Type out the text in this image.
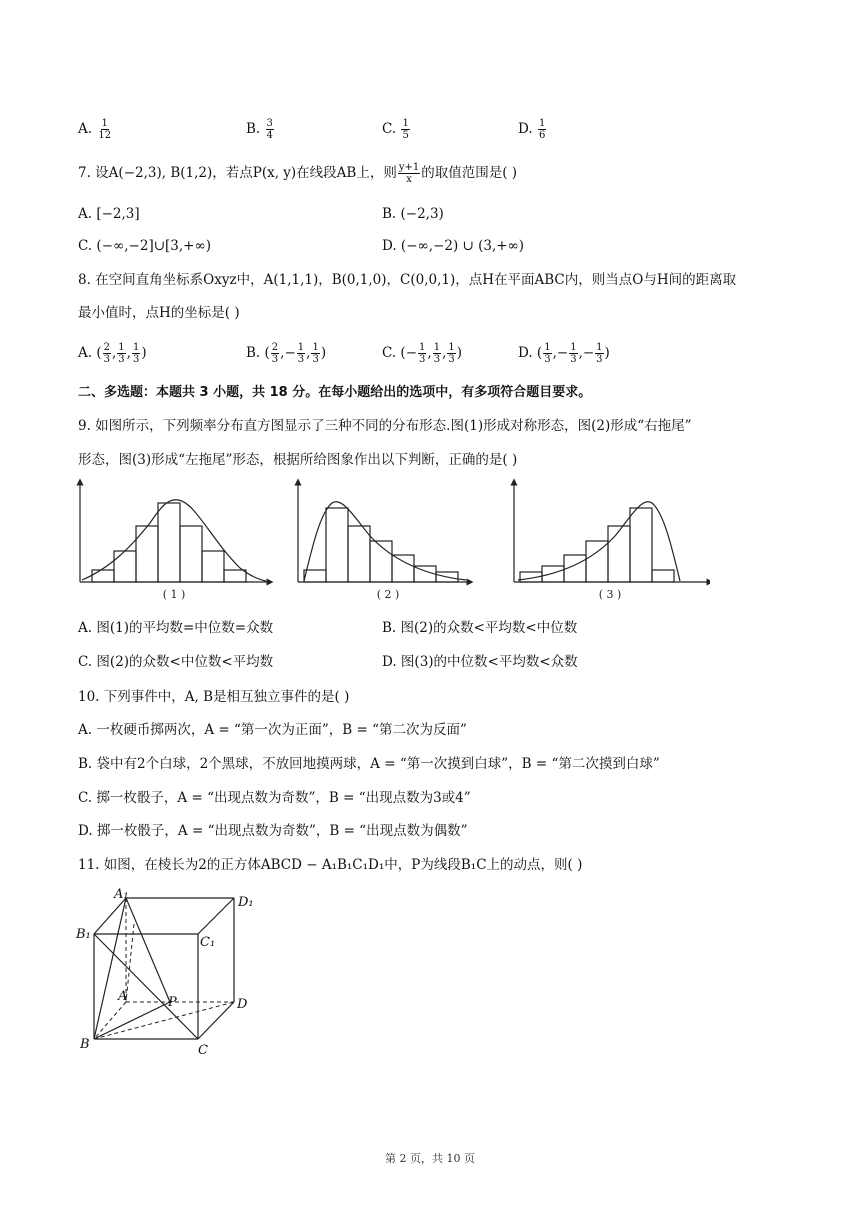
A. $\frac{1}{12}$	B. $\frac{3}{4}$	C. $\frac{1}{5}$	D. $\frac{1}{6}$
7. 设A(−2,3), B(1,2)，若点P(x, y)在线段AB上，则 $\frac{y+1}{x}$ 的取值范围是( )
A. [−2,3]	B. (−2,3)
C. (−∞,−2]∪[3,+∞)	D. (−∞,−2) ∪ (3,+∞)
8. 在空间直角坐标系Oxyz中，A(1,1,1)，B(0,1,0)，C(0,0,1)，点H在平面ABC内，则当点O与H间的距离取
最小值时，点H的坐标是( )
A. ( $\frac{2}{3}$ , $\frac{1}{3}$ , $\frac{1}{3}$ )	B. ( $\frac{2}{3}$ ,− $\frac{1}{3}$ , $\frac{1}{3}$ )	C. (− $\frac{1}{3}$ , $\frac{1}{3}$ , $\frac{1}{3}$ )	D. ( $\frac{1}{3}$ ,− $\frac{1}{3}$ ,− $\frac{1}{3}$ )
二、多选题：本题共 3 小题，共 18 分。在每小题给出的选项中，有多项符合题目要求。
9. 如图所示，下列频率分布直方图显示了三种不同的分布形态.图(1)形成对称形态，图(2)形成“右拖尾”
形态，图(3)形成“左拖尾”形态，根据所给图象作出以下判断，正确的是( )
( 1 )	( 2 )	( 3 )
A. 图(1)的平均数=中位数=众数	B. 图(2)的众数<平均数<中位数
C. 图(2)的众数<中位数<平均数	D. 图(3)的中位数<平均数<众数
10. 下列事件中，A, B是相互独立事件的是( )
A. 一枚硬币掷两次，A = “第一次为正面”，B = “第二次为反面”
B. 袋中有2个白球，2个黑球，不放回地摸两球，A = “第一次摸到白球”，B = “第二次摸到白球”
C. 掷一枚骰子，A = “出现点数为奇数”，B = “出现点数为3或4”
D. 掷一枚骰子，A = “出现点数为奇数”，B = “出现点数为偶数”
11. 如图，在棱长为2的正方体ABCD − A₁B₁C₁D₁中，P为线段B₁C上的动点，则( )
A₁
D₁
B₁
C₁
A	P	D
B	C
第 2 页，共 10 页
